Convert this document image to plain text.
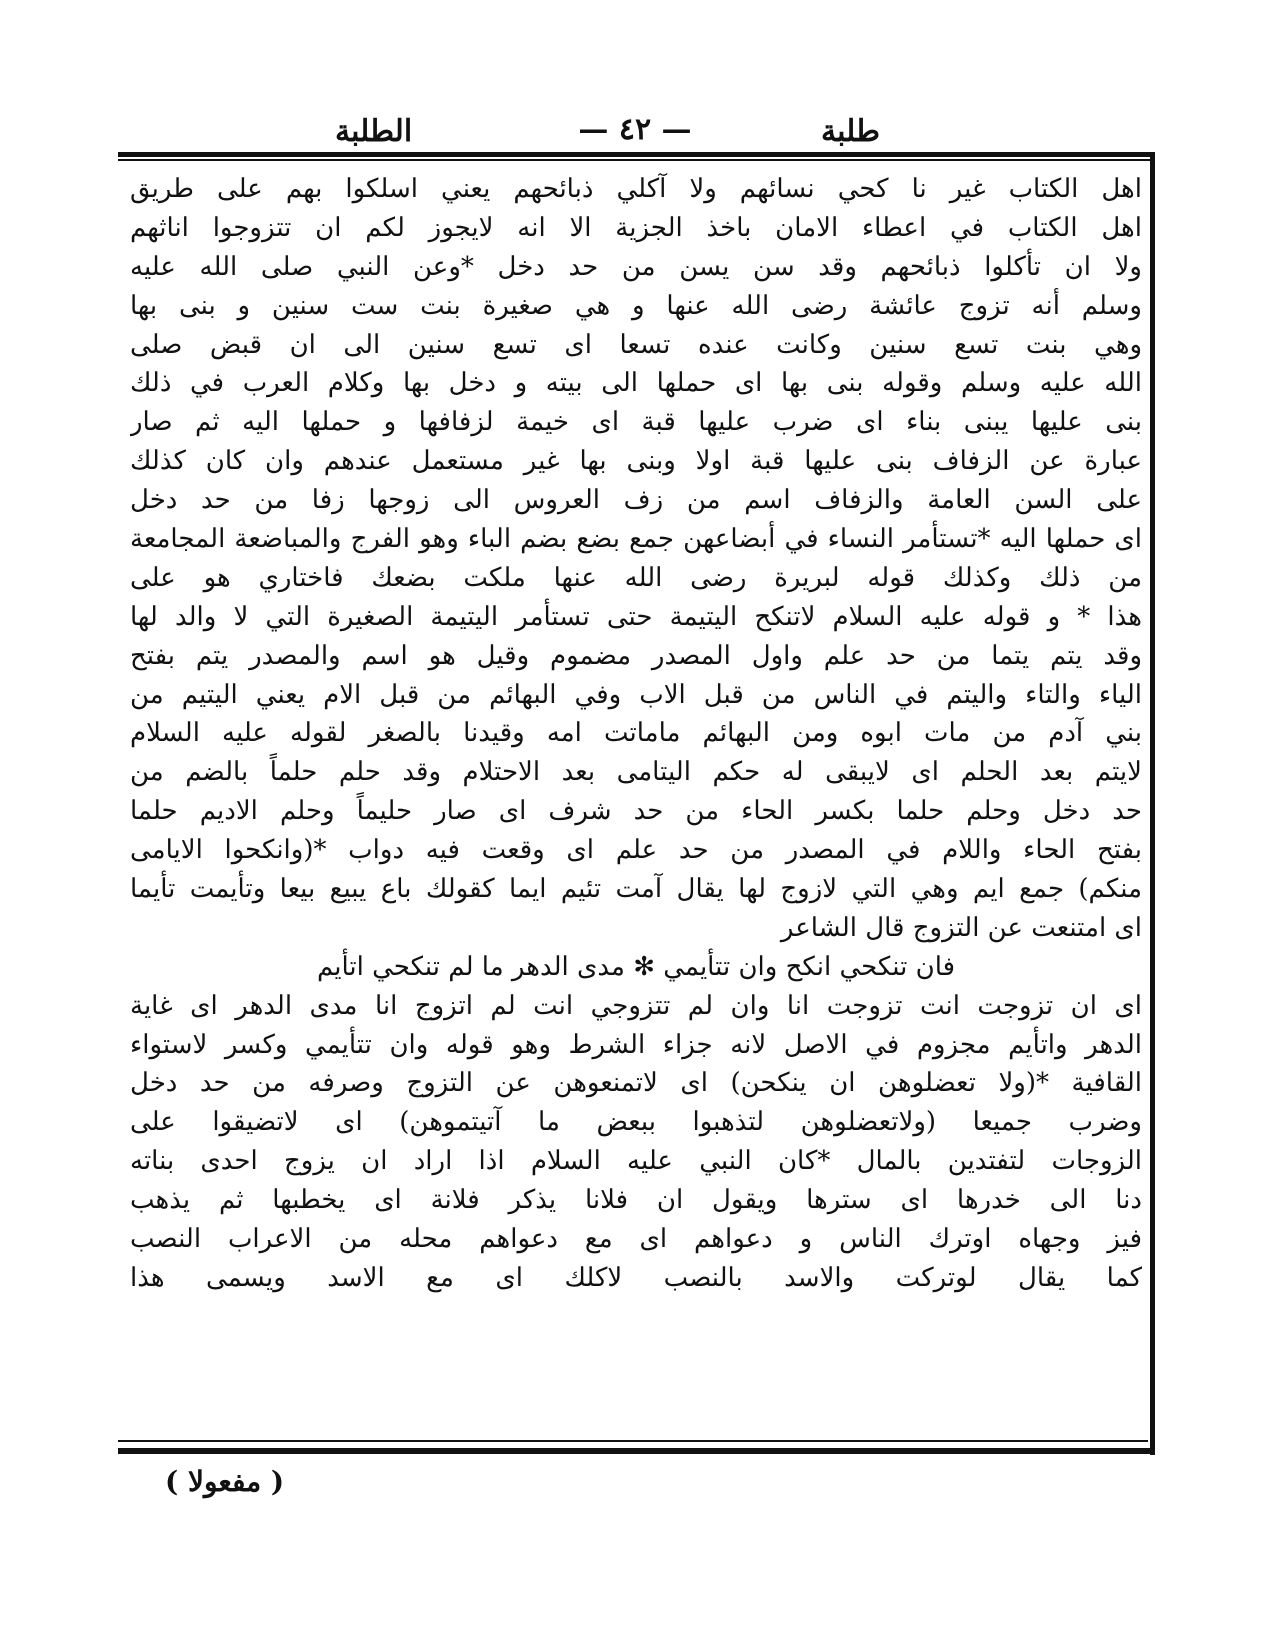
طلبة
— ٤٢ —
الطلبة
اهل الكتاب غير نا كحي نسائهم ولا آكلي ذبائحهم يعني اسلكوا بهم على طريق
اهل الكتاب في اعطاء الامان باخذ الجزية الا انه لايجوز لكم ان تتزوجوا اناثهم
ولا ان تأكلوا ذبائحهم وقد سن يسن من حد دخل *وعن النبي صلى الله عليه
وسلم أنه تزوج عائشة رضى الله عنها و هي صغيرة بنت ست سنين و بنى بها
وهي بنت تسع سنين وكانت عنده تسعا اى تسع سنين الى ان قبض صلى
الله عليه وسلم وقوله بنى بها اى حملها الى بيته و دخل بها وكلام العرب في ذلك
بنى عليها يبنى بناء اى ضرب عليها قبة اى خيمة لزفافها و حملها اليه ثم صار
عبارة عن الزفاف بنى عليها قبة اولا وبنى بها غير مستعمل عندهم وان كان كذلك
على السن العامة والزفاف اسم من زف العروس الى زوجها زفا من حد دخل
اى حملها اليه *تستأمر النساء في أبضاعهن جمع بضع بضم الباء وهو الفرج والمباضعة المجامعة
من ذلك وكذلك قوله لبريرة رضى الله عنها ملكت بضعك فاختاري هو على
هذا * و قوله عليه السلام لاتنكح اليتيمة حتى تستأمر اليتيمة الصغيرة التي لا والد لها
وقد يتم يتما من حد علم واول المصدر مضموم وقيل هو اسم والمصدر يتم بفتح
الياء والتاء واليتم في الناس من قبل الاب وفي البهائم من قبل الام يعني اليتيم من
بني آدم من مات ابوه ومن البهائم ماماتت امه وقيدنا بالصغر لقوله عليه السلام
لايتم بعد الحلم اى لايبقى له حكم اليتامى بعد الاحتلام وقد حلم حلماً بالضم من
حد دخل وحلم حلما بكسر الحاء من حد شرف اى صار حليماً وحلم الاديم حلما
بفتح الحاء واللام في المصدر من حد علم اى وقعت فيه دواب *(وانكحوا الايامى
منكم) جمع ايم وهي التي لازوج لها يقال آمت تئيم ايما كقولك باع يبيع بيعا وتأيمت تأيما
اى امتنعت عن التزوج قال الشاعر
فان تنكحي انكح وان تتأيمي ✻ مدى الدهر ما لم تنكحي اتأيم
اى ان تزوجت انت تزوجت انا وان لم تتزوجي انت لم اتزوج انا مدى الدهر اى غاية
الدهر واتأيم مجزوم في الاصل لانه جزاء الشرط وهو قوله وان تتأيمي وكسر لاستواء
القافية *(ولا تعضلوهن ان ينكحن) اى لاتمنعوهن عن التزوج وصرفه من حد دخل
وضرب جميعا (ولاتعضلوهن لتذهبوا ببعض ما آتيتموهن) اى لاتضيقوا على
الزوجات لتفتدين بالمال *كان النبي عليه السلام اذا اراد ان يزوج احدى بناته
دنا الى خدرها اى سترها ويقول ان فلانا يذكر فلانة اى يخطبها ثم يذهب
فيز وجهاه اوترك الناس و دعواهم اى مع دعواهم محله من الاعراب النصب
كما يقال لوتركت والاسد بالنصب لاكلك اى مع الاسد ويسمى هذا
( مفعولا )
